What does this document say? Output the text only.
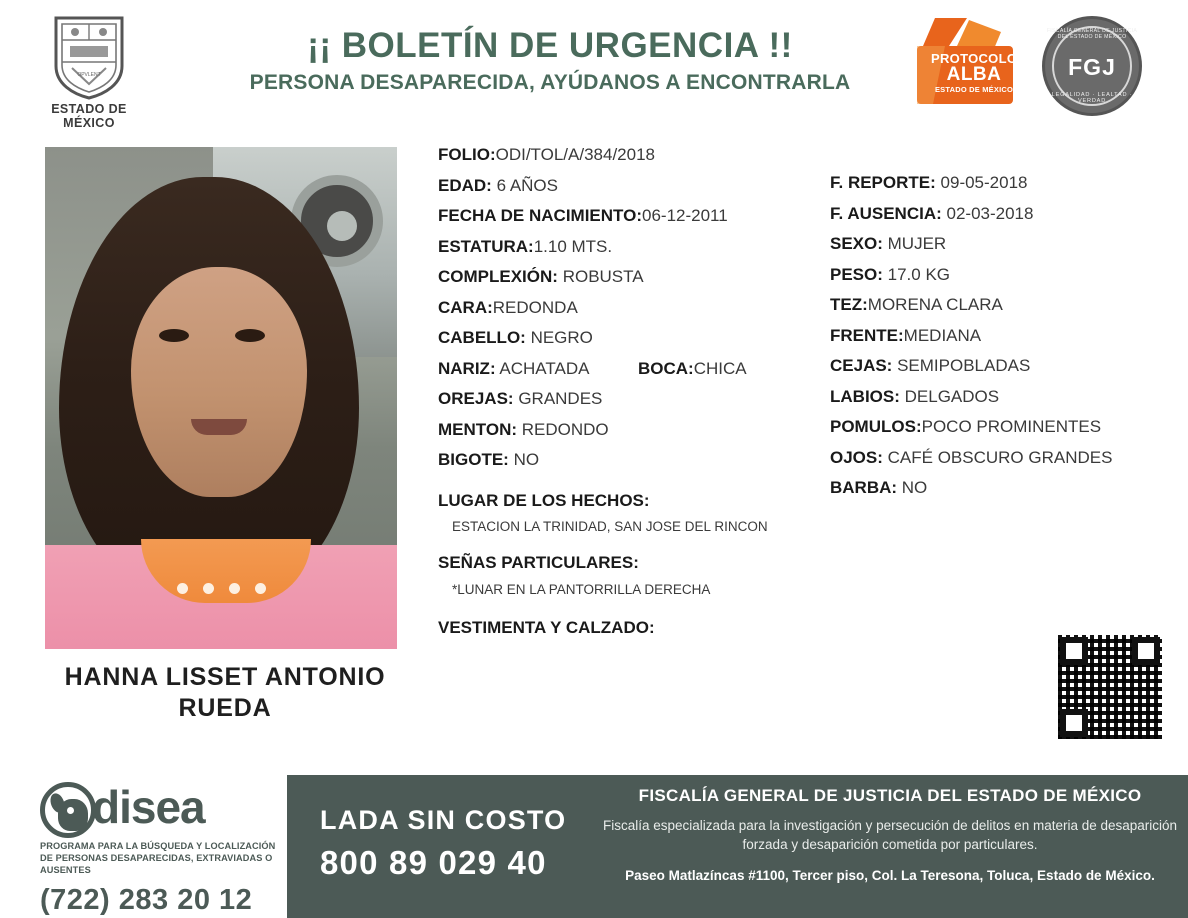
OPVLENT
ESTADO DE MÉXICO
¡¡ BOLETÍN DE URGENCIA !!
PERSONA DESAPARECIDA, AYÚDANOS A ENCONTRARLA
PROTOCOLO
ALBA
ESTADO DE MÉXICO
FISCALÍA GENERAL DE JUSTICIA DEL ESTADO DE MÉXICO
FGJ
LEGALIDAD · LEALTAD · VERDAD
HANNA LISSET ANTONIO RUEDA
FOLIO:ODI/TOL/A/384/2018
EDAD: 6 AÑOS
FECHA DE NACIMIENTO:06-12-2011
ESTATURA:1.10 MTS.
COMPLEXIÓN: ROBUSTA
CARA:REDONDA
CABELLO: NEGRO
NARIZ: ACHATADA	BOCA:CHICA
OREJAS: GRANDES
MENTON: REDONDO
BIGOTE: NO
LUGAR DE LOS HECHOS:
ESTACION LA TRINIDAD, SAN JOSE DEL RINCON
SEÑAS PARTICULARES:
*LUNAR EN LA PANTORRILLA DERECHA
VESTIMENTA Y CALZADO:
F. REPORTE: 09-05-2018
F. AUSENCIA: 02-03-2018
SEXO: MUJER
PESO: 17.0 KG
TEZ:MORENA CLARA
FRENTE:MEDIANA
CEJAS: SEMIPOBLADAS
LABIOS: DELGADOS
POMULOS:POCO PROMINENTES
OJOS: CAFÉ OBSCURO GRANDES
BARBA: NO
disea
PROGRAMA PARA LA BÚSQUEDA Y LOCALIZACIÓN DE PERSONAS DESAPARECIDAS, EXTRAVIADAS O AUSENTES
(722) 283 20 12
LADA SIN COSTO
800 89 029 40
FISCALÍA GENERAL DE JUSTICIA DEL ESTADO DE MÉXICO
Fiscalía especializada para la investigación y persecución de delitos en materia de desaparición forzada y desaparición cometida por particulares.
Paseo Matlazíncas #1100, Tercer piso, Col. La Teresona, Toluca, Estado de México.
